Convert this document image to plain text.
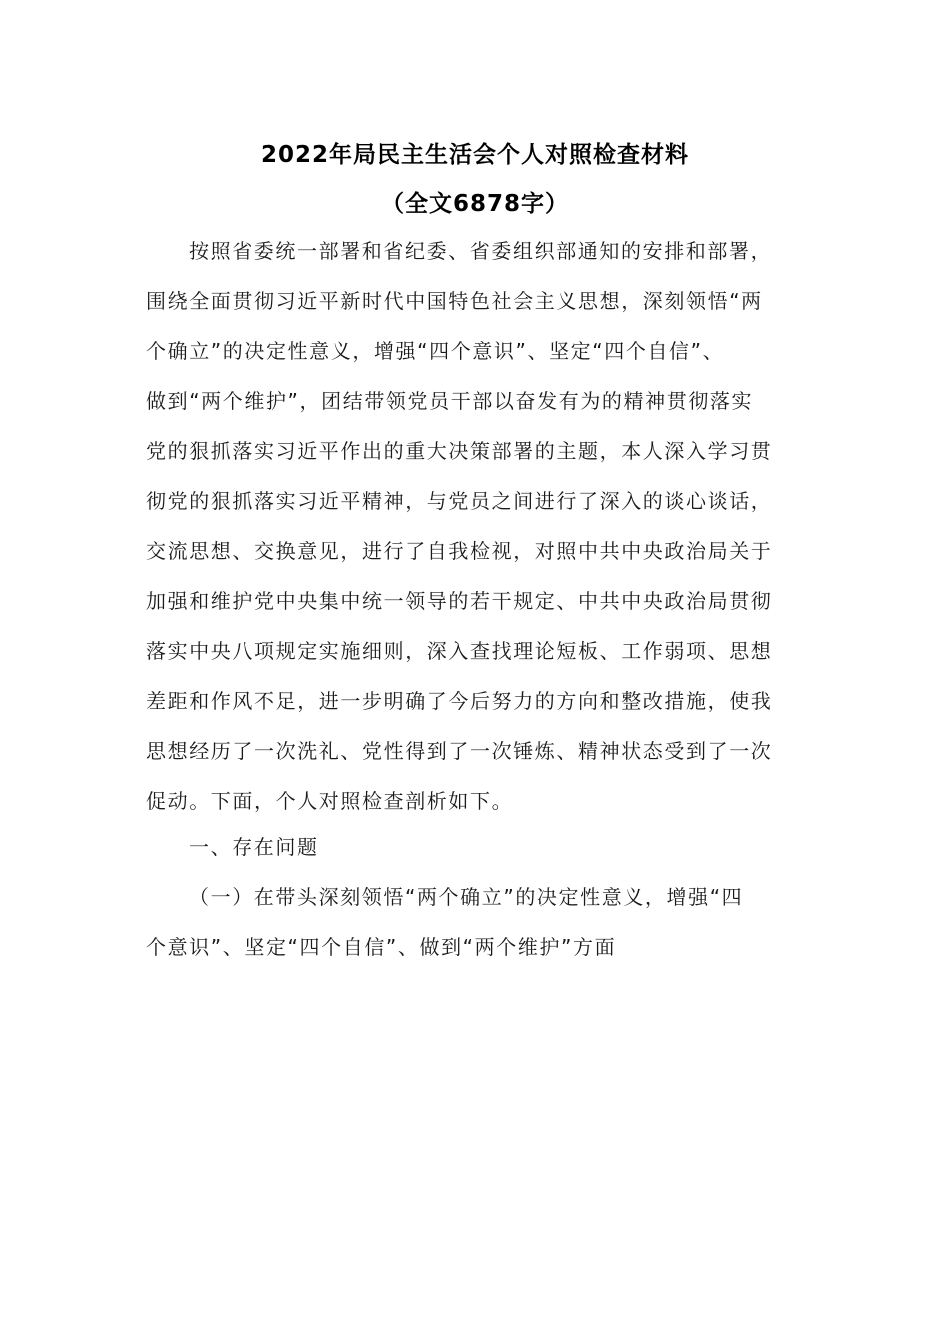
2022年局民主生活会个人对照检查材料
（全文6878字）
按照省委统一部署和省纪委、省委组织部通知的安排和部署，
围绕全面贯彻习近平新时代中国特色社会主义思想，深刻领悟“两
个确立”的决定性意义，增强“四个意识”、坚定“四个自信”、
做到“两个维护”，团结带领党员干部以奋发有为的精神贯彻落实
党的狠抓落实习近平作出的重大决策部署的主题，本人深入学习贯
彻党的狠抓落实习近平精神，与党员之间进行了深入的谈心谈话，
交流思想、交换意见，进行了自我检视，对照中共中央政治局关于
加强和维护党中央集中统一领导的若干规定、中共中央政治局贯彻
落实中央八项规定实施细则，深入查找理论短板、工作弱项、思想
差距和作风不足，进一步明确了今后努力的方向和整改措施，使我
思想经历了一次洗礼、党性得到了一次锤炼、精神状态受到了一次
促动。下面，个人对照检查剖析如下。
一、存在问题
（一）在带头深刻领悟“两个确立”的决定性意义，增强“四
个意识”、坚定“四个自信”、做到“两个维护”方面
